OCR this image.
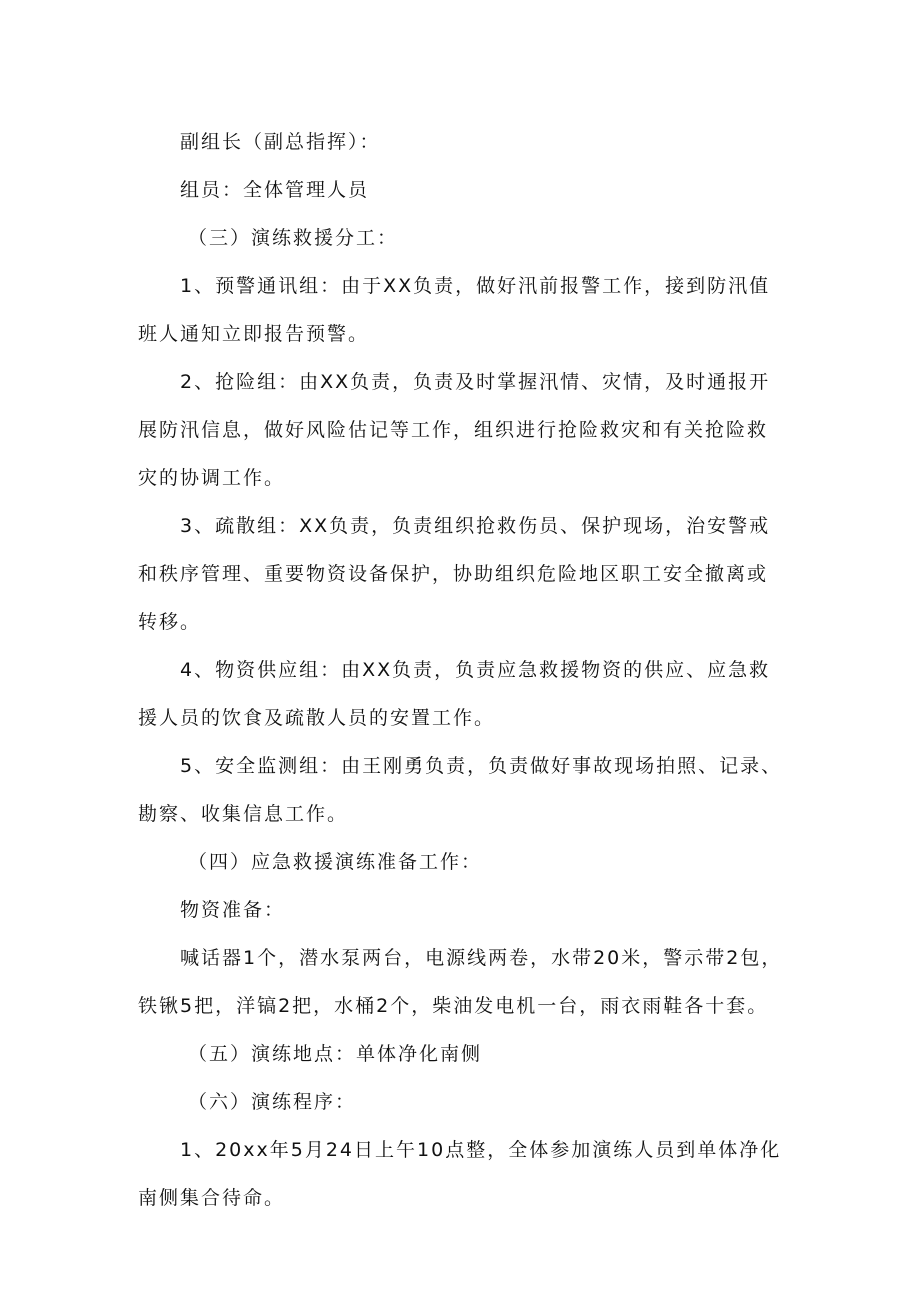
副组长（副总指挥）：

组员：全体管理人员

（三）演练救援分工：

1、预警通讯组：由于XX负责，做好汛前报警工作，接到防汛值班人通知立即报告预警。

2、抢险组：由XX负责，负责及时掌握汛情、灾情，及时通报开展防汛信息，做好风险估记等工作，组织进行抢险救灾和有关抢险救灾的协调工作。

3、疏散组：XX负责，负责组织抢救伤员、保护现场，治安警戒和秩序管理、重要物资设备保护，协助组织危险地区职工安全撤离或转移。

4、物资供应组：由XX负责，负责应急救援物资的供应、应急救援人员的饮食及疏散人员的安置工作。

5、安全监测组：由王刚勇负责，负责做好事故现场拍照、记录、勘察、收集信息工作。

（四）应急救援演练准备工作：

物资准备：

喊话器1个，潜水泵两台，电源线两卷，水带20米，警示带2包，铁锹5把，洋镐2把，水桶2个，柴油发电机一台，雨衣雨鞋各十套。

（五）演练地点：单体净化南侧

（六）演练程序：

1、20xx年5月24日上午10点整，全体参加演练人员到单体净化南侧集合待命。
